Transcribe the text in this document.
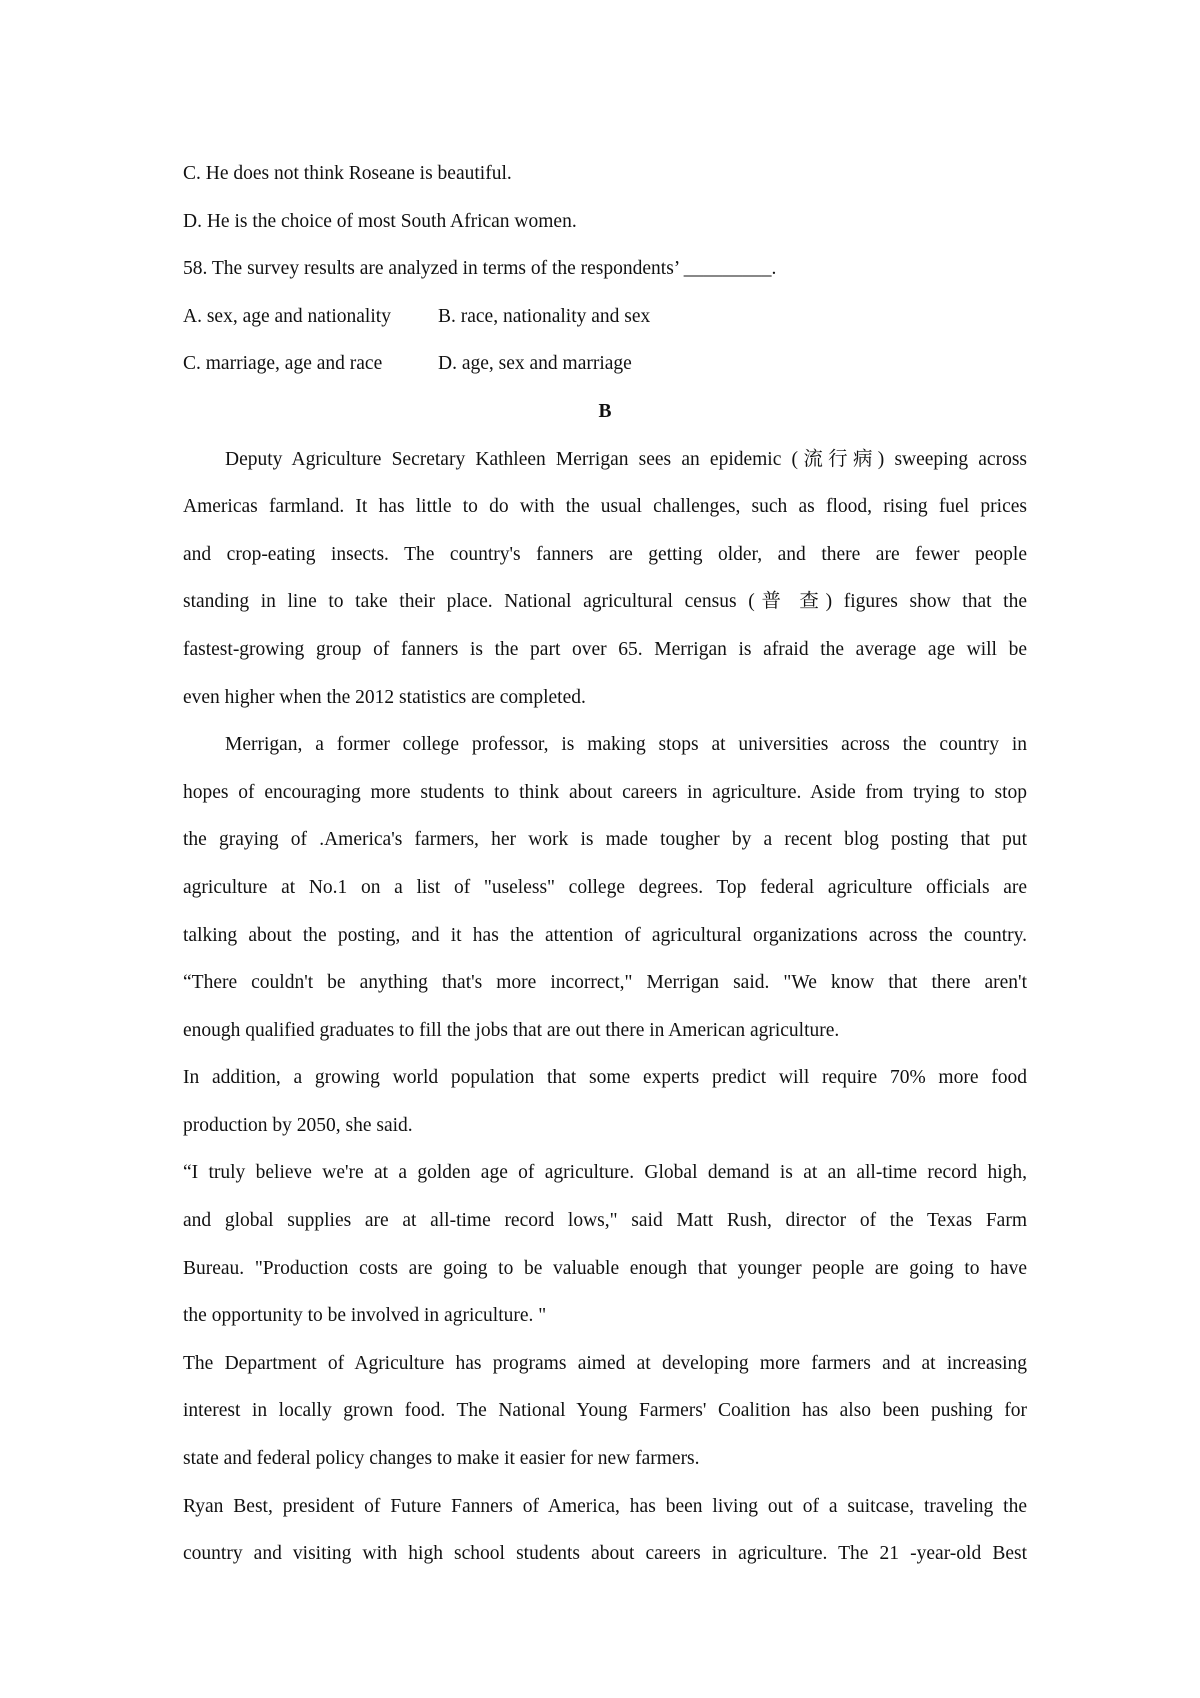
C. He does not think Roseane is beautiful.
D. He is the choice of most South African women.
58. The survey results are analyzed in terms of the respondents’ _________.
A. sex, age and nationality B. race, nationality and sex
C. marriage, age and race	D. age, sex and marriage
B
Deputy Agriculture Secretary Kathleen Merrigan sees an epidemic (流行病) sweeping across
Americas farmland. It has little to do with the usual challenges, such as flood, rising fuel prices
and crop-eating insects. The country's fanners are getting older, and there are fewer people
standing in line to take their place. National agricultural census (普 查) figures show that the
fastest-growing group of fanners is the part over 65. Merrigan is afraid the average age will be
even higher when the 2012 statistics are completed.
Merrigan, a former college professor, is making stops at universities across the country in
hopes of encouraging more students to think about careers in agriculture. Aside from trying to stop
the graying of .America's farmers, her work is made tougher by a recent blog posting that put
agriculture at No.1 on a list of "useless" college degrees. Top federal agriculture officials are
talking about the posting, and it has the attention of agricultural organizations across the country.
“There couldn't be anything that's more incorrect," Merrigan said. "We know that there aren't
enough qualified graduates to fill the jobs that are out there in American agriculture.
In addition, a growing world population that some experts predict will require 70% more food
production by 2050, she said.
“I truly believe we're at a golden age of agriculture. Global demand is at an all-time record high,
and global supplies are at all-time record lows," said Matt Rush, director of the Texas Farm
Bureau. "Production costs are going to be valuable enough that younger people are going to have
the opportunity to be involved in agriculture. "
The Department of Agriculture has programs aimed at developing more farmers and at increasing
interest in locally grown food. The National Young Farmers' Coalition has also been pushing for
state and federal policy changes to make it easier for new farmers.
Ryan Best, president of Future Fanners of America, has been living out of a suitcase, traveling the
country and visiting with high school students about careers in agriculture. The 21 -year-old Best
